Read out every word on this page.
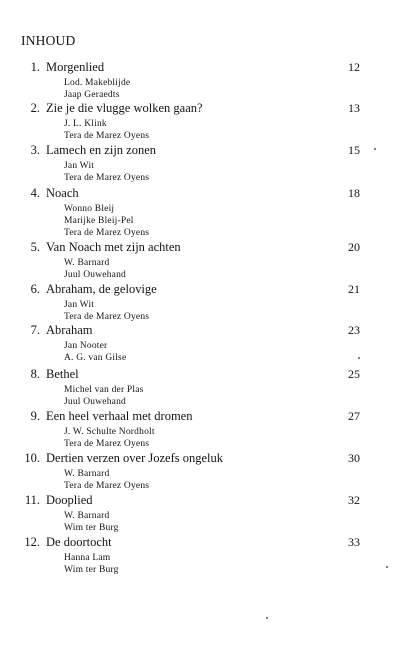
INHOUD
1. Morgenlied	12
Lod. Makeblijde
Jaap Geraedts
2. Zie je die vlugge wolken gaan?	13
J. L. Klink
Tera de Marez Oyens
3. Lamech en zijn zonen	15
Jan Wit
Tera de Marez Oyens
4. Noach	18
Wonno Bleij
Marijke Bleij-Pel
Tera de Marez Oyens
5. Van Noach met zijn achten	20
W. Barnard
Juul Ouwehand
6. Abraham, de gelovige	21
Jan Wit
Tera de Marez Oyens
7. Abraham	23
Jan Nooter
A. G. van Gilse
8. Bethel	25
Michel van der Plas
Juul Ouwehand
9. Een heel verhaal met dromen	27
J. W. Schulte Nordholt
Tera de Marez Oyens
10. Dertien verzen over Jozefs ongeluk	30
W. Barnard
Tera de Marez Oyens
11. Dooplied	32
W. Barnard
Wim ter Burg
12. De doortocht	33
Hanna Lam
Wim ter Burg
